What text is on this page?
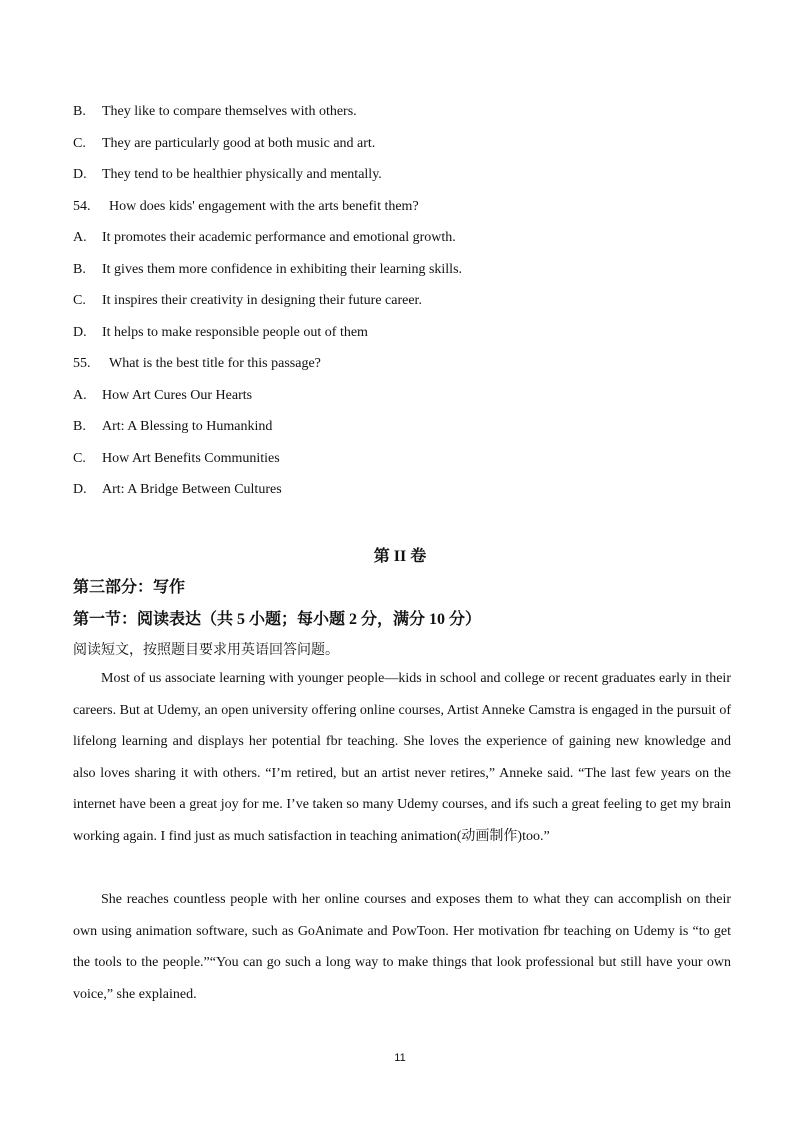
B. They like to compare themselves with others.
C. They are particularly good at both music and art.
D. They tend to be healthier physically and mentally.
54. How does kids' engagement with the arts benefit them?
A. It promotes their academic performance and emotional growth.
B. It gives them more confidence in exhibiting their learning skills.
C. It inspires their creativity in designing their future career.
D. It helps to make responsible people out of them
55. What is the best title for this passage?
A. How Art Cures Our Hearts
B. Art: A Blessing to Humankind
C. How Art Benefits Communities
D. Art: A Bridge Between Cultures
第 II 卷
第三部分：写作
第一节：阅读表达（共 5 小题；每小题 2 分，满分 10 分）
阅读短文，按照题目要求用英语回答问题。
Most of us associate learning with younger people—kids in school and college or recent graduates early in their careers. But at Udemy, an open university offering online courses, Artist Anneke Camstra is engaged in the pursuit of lifelong learning and displays her potential fbr teaching. She loves the experience of gaining new knowledge and also loves sharing it with others. “I’m retired, but an artist never retires,” Anneke said. “The last few years on the internet have been a great joy for me. I’ve taken so many Udemy courses, and ifs such a great feeling to get my brain working again. I find just as much satisfaction in teaching animation(动画制作)too.”
She reaches countless people with her online courses and exposes them to what they can accomplish on their own using animation software, such as GoAnimate and PowToon. Her motivation fbr teaching on Udemy is “to get the tools to the people.”“You can go such a long way to make things that look professional but still have your own voice,” she explained.
11
